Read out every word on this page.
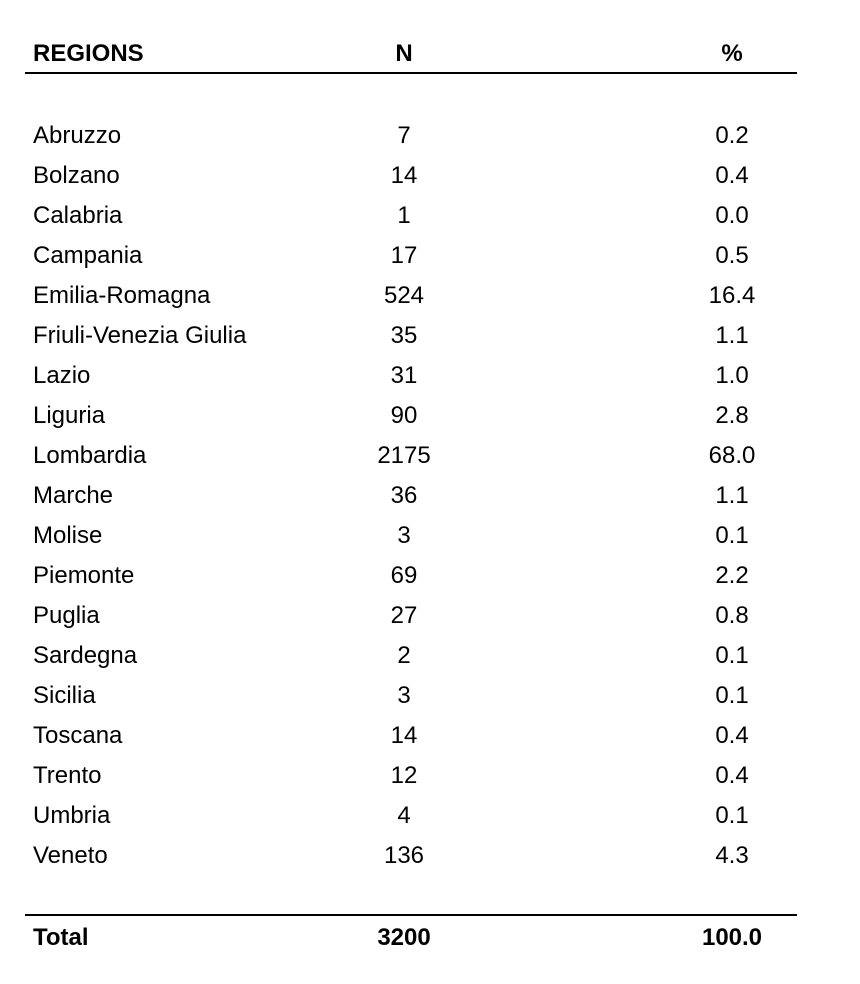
REGIONS	N	%
Abruzzo	7	0.2
Bolzano	14	0.4
Calabria	1	0.0
Campania	17	0.5
Emilia-Romagna	524	16.4
Friuli-Venezia Giulia	35	1.1
Lazio	31	1.0
Liguria	90	2.8
Lombardia	2175	68.0
Marche	36	1.1
Molise	3	0.1
Piemonte	69	2.2
Puglia	27	0.8
Sardegna	2	0.1
Sicilia	3	0.1
Toscana	14	0.4
Trento	12	0.4
Umbria	4	0.1
Veneto	136	4.3
Total	3200	100.0
